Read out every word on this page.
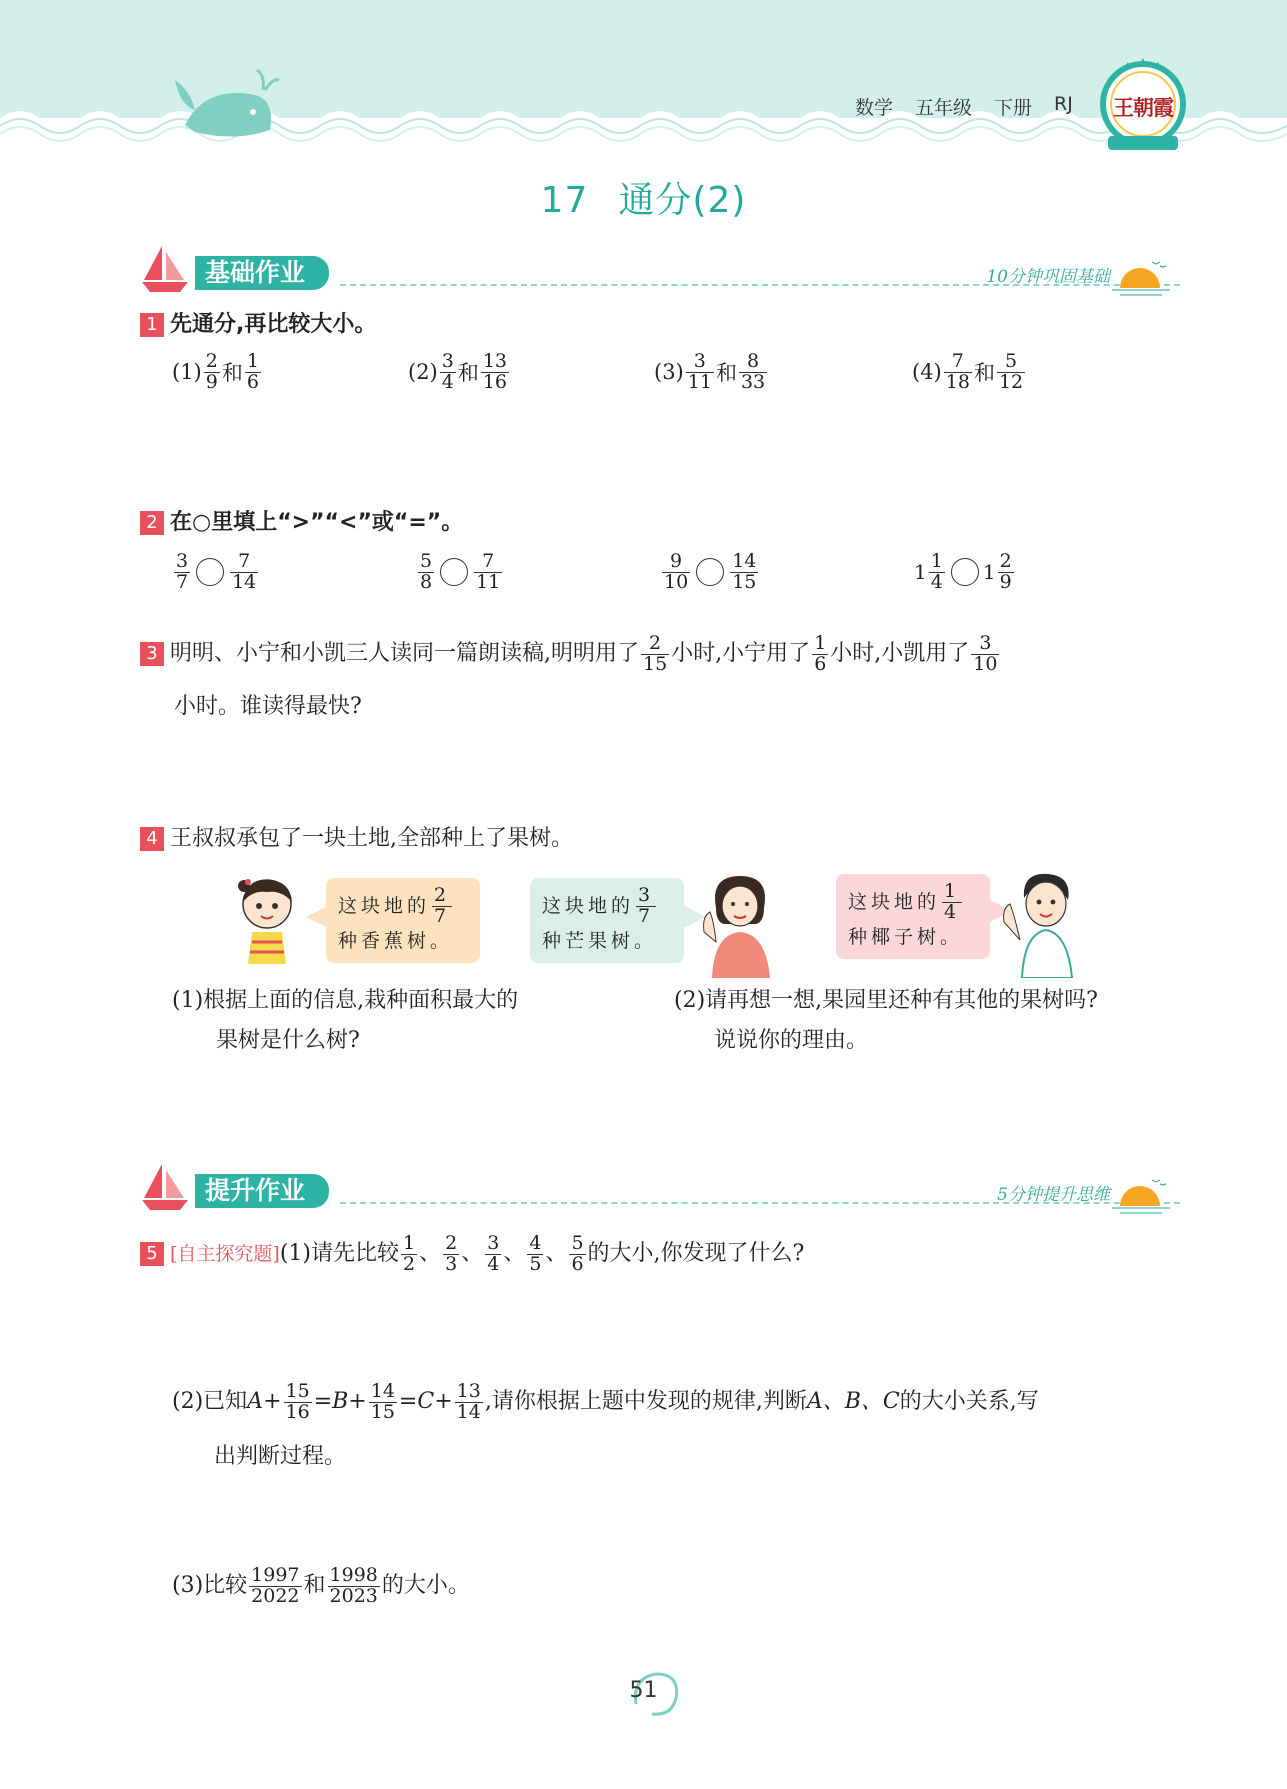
数学 五年级 下册 RJ 王朝霞
17 通分(2)
基础作业	10分钟巩固基础
1 先通分,再比较大小。
$(1) \frac{2}{9}$ 和 $\frac{1}{6}$	$(2) \frac{3}{4}$ 和 $\frac{13}{16}$	$(3) \frac{3}{11}$ 和 $\frac{8}{33}$	$(4) \frac{7}{18}$ 和 $\frac{5}{12}$
2 在○里填上“>”“<”或“=”。
$\frac{3}{7} \frac{7}{14}$	$\frac{5}{8} \frac{7}{11}$	$\frac{9}{10} \frac{14}{15}$	$1 \frac{1}{4} 1 \frac{2}{9}$
3 明明、小宁和小凯三人读同一篇朗读稿,明明用了 $\frac{2}{15}$ 小时,小宁用了 $\frac{1}{6}$ 小时,小凯用了 $\frac{3}{10}$
小时。谁读得最快?
4 王叔叔承包了一块土地,全部种上了果树。
这块地的 $\frac{2}{7}$
种香蕉树。
这块地的 $\frac{3}{7}$
种芒果树。
这块地的 $\frac{1}{4}$
种椰子树。
(1)根据上面的信息,栽种面积最大的
果树是什么树?
(2)请再想一想,果园里还种有其他的果树吗?
说说你的理由。
提升作业	5分钟提升思维
5 [自主探究题] (1)请先比较 $\frac{1}{2}$ 、 $\frac{2}{3}$ 、 $\frac{3}{4}$ 、 $\frac{4}{5}$ 、 $\frac{5}{6}$ 的大小,你发现了什么?
(2)已知 $A + \frac{15}{16} = B + \frac{14}{15} = C + \frac{13}{14}$ ,请你根据上题中发现的规律,判断 A、B、C 的大小关系,写
出判断过程。
(3)比较 $\frac{1997}{2022}$ 和 $\frac{1998}{2023}$ 的大小。
51
